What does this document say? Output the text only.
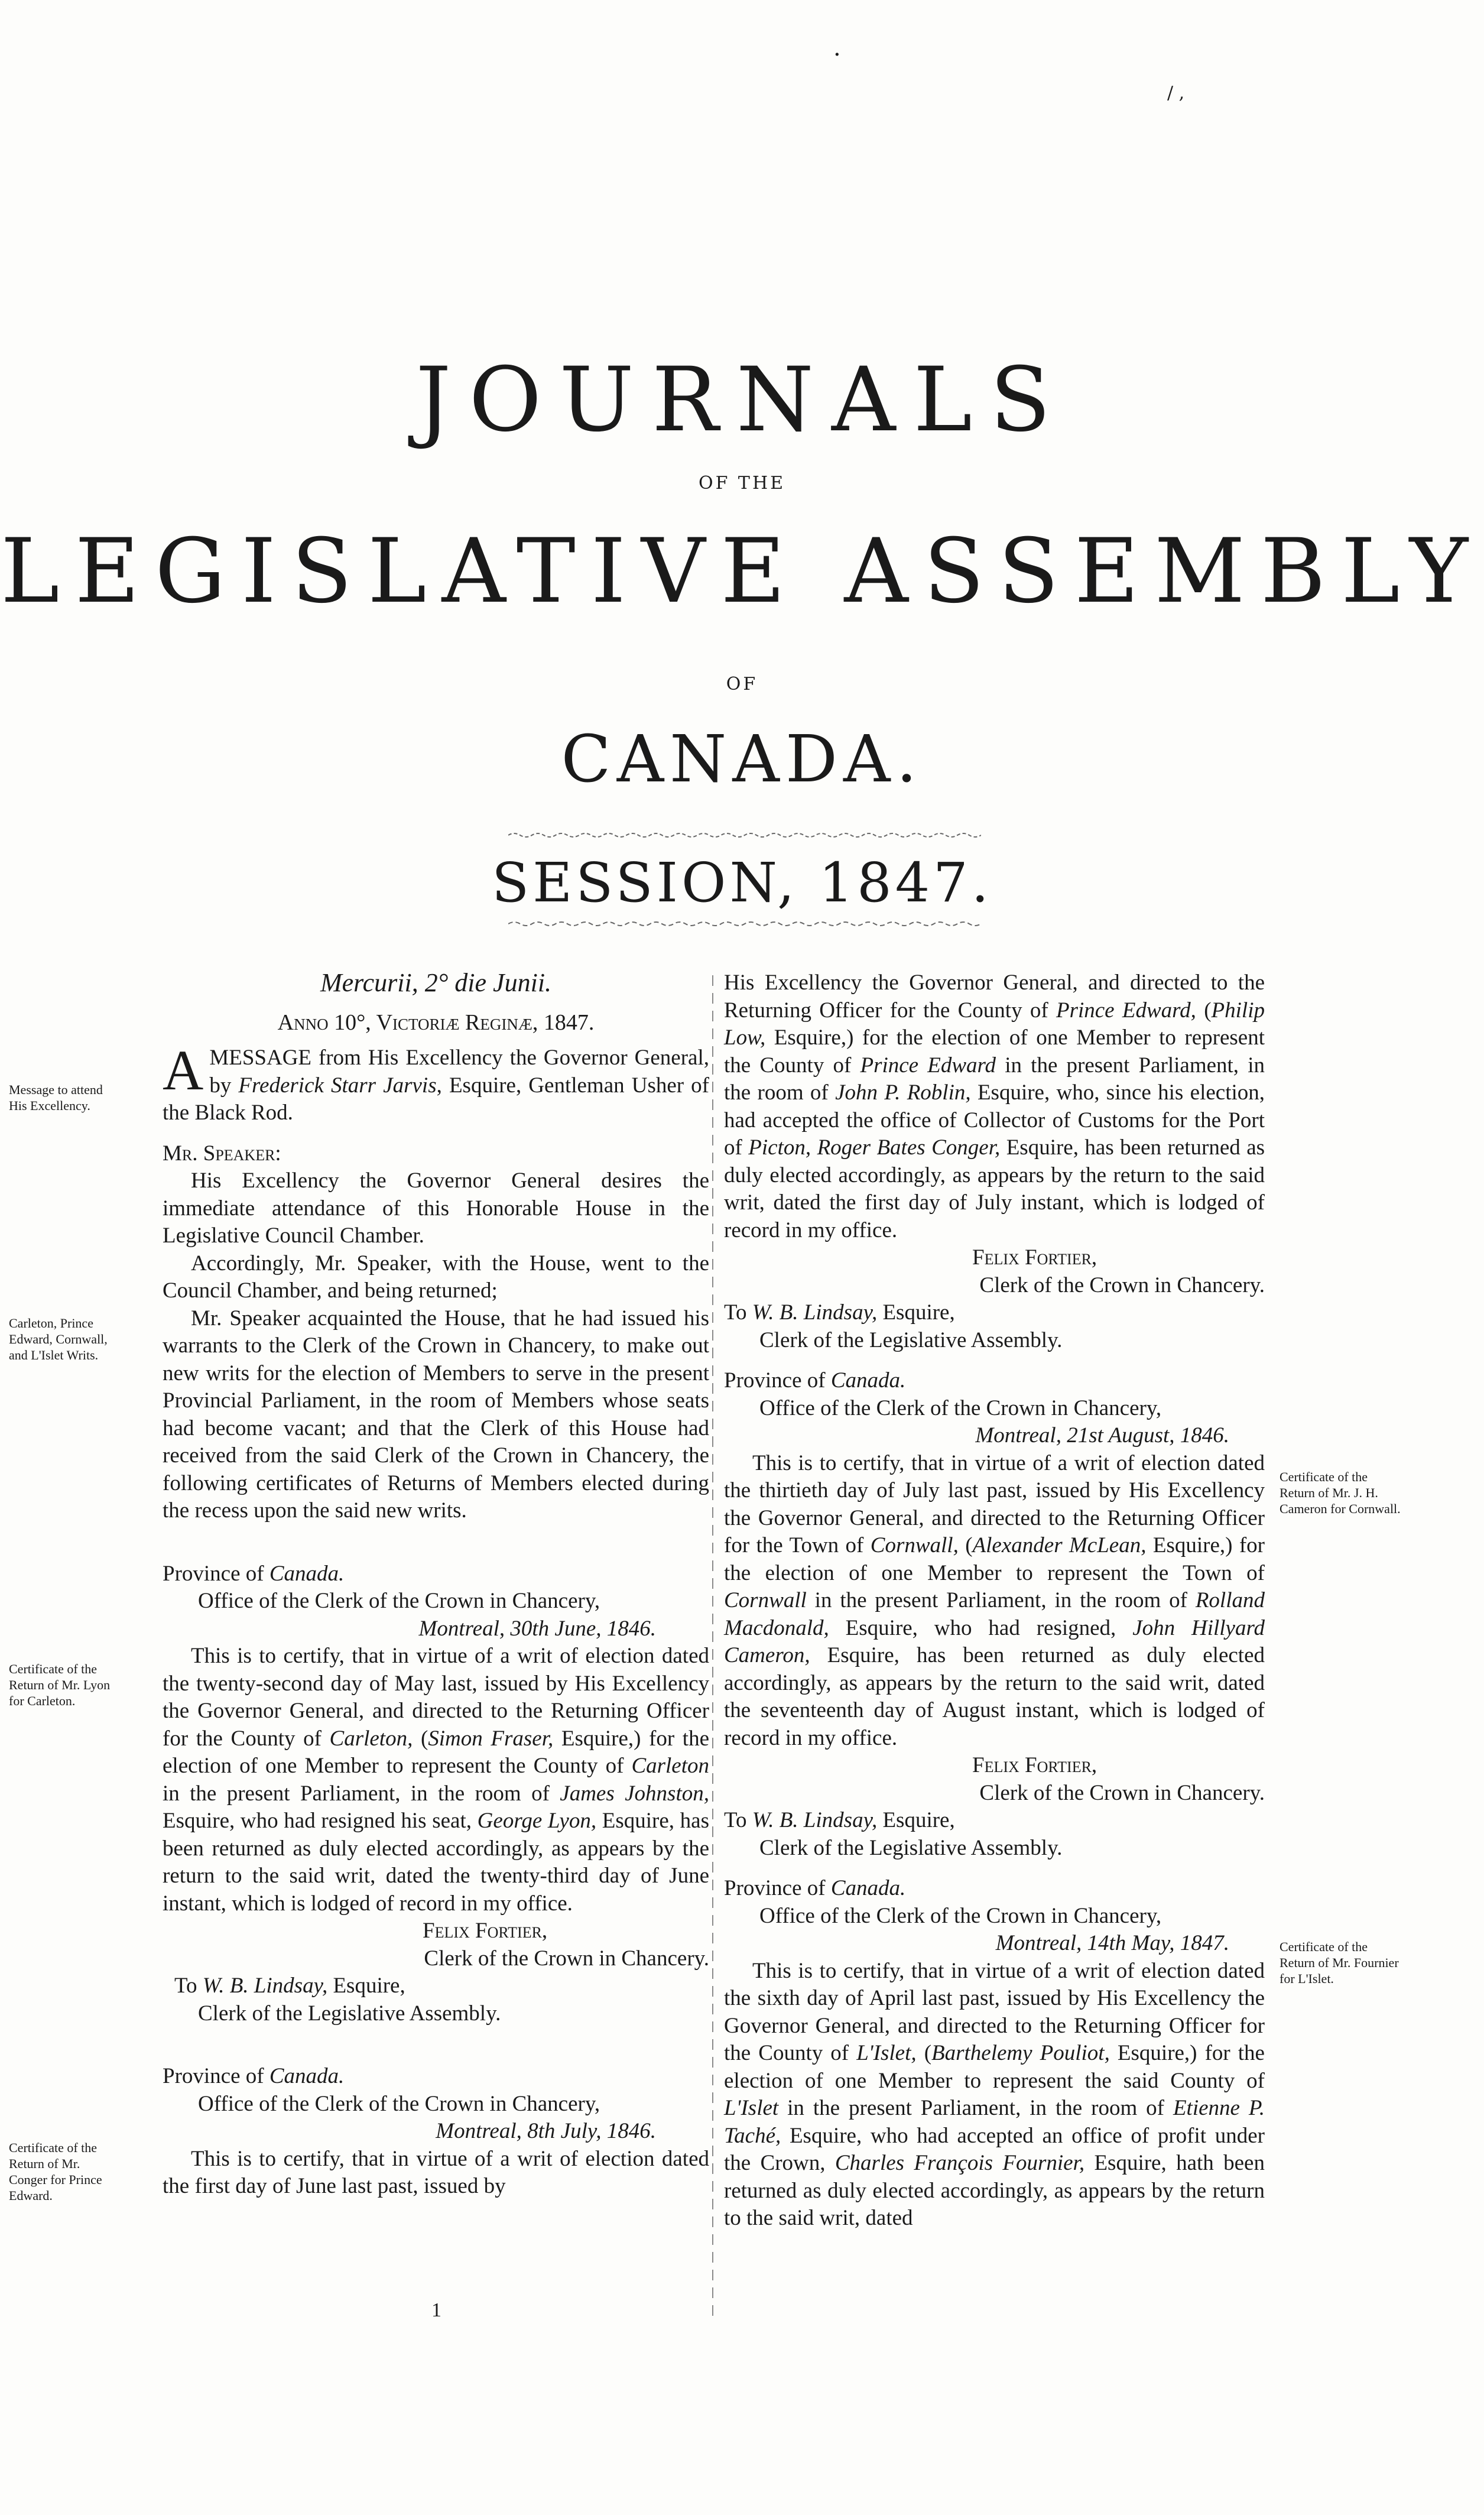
·
/ ,
JOURNALS
OF THE
LEGISLATIVE ASSEMBLY
OF
CANADA.
SESSION, 1847.
Message to attend His Excellency.
Carleton, Prince Edward, Cornwall, and L'Islet Writs.
Certificate of the Return of Mr. Lyon for Carleton.
Certificate of the Return of Mr. Conger for Prince Edward.
Certificate of the Return of Mr. J. H. Cameron for Cornwall.
Certificate of the Return of Mr. Fournier for L'Islet.

Mercurii, 2° die Junii.

Anno 10°, Victoriæ Reginæ, 1847.

A MESSAGE from His Excellency the Governor General, by Frederick Starr Jarvis, Esquire, Gentleman Usher of the Black Rod.

Mr. Speaker:

His Excellency the Governor General desires the immediate attendance of this Honorable House in the Legislative Council Chamber.

Accordingly, Mr. Speaker, with the House, went to the Council Chamber, and being returned;

Mr. Speaker acquainted the House, that he had issued his warrants to the Clerk of the Crown in Chancery, to make out new writs for the election of Members to serve in the present Provincial Parliament, in the room of Members whose seats had become vacant; and that the Clerk of this House had received from the said Clerk of the Crown in Chancery, the following certificates of Returns of Members elected during the recess upon the said new writs.

Province of Canada.

Office of the Clerk of the Crown in Chancery,

Montreal, 30th June, 1846.

This is to certify, that in virtue of a writ of election dated the twenty-second day of May last, issued by His Excellency the Governor General, and directed to the Returning Officer for the County of Carleton, (Simon Fraser, Esquire,) for the election of one Member to represent the County of Carleton in the present Parliament, in the room of James Johnston, Esquire, who had resigned his seat, George Lyon, Esquire, has been returned as duly elected accordingly, as appears by the return to the said writ, dated the twenty-third day of June instant, which is lodged of record in my office.

Felix Fortier,

Clerk of the Crown in Chancery.

To W. B. Lindsay, Esquire,

Clerk of the Legislative Assembly.

Province of Canada.

Office of the Clerk of the Crown in Chancery,

Montreal, 8th July, 1846.

This is to certify, that in virtue of a writ of election dated the first day of June last past, issued by

1

His Excellency the Governor General, and directed to the Returning Officer for the County of Prince Edward, (Philip Low, Esquire,) for the election of one Member to represent the County of Prince Edward in the present Parliament, in the room of John P. Roblin, Esquire, who, since his election, had accepted the office of Collector of Customs for the Port of Picton, Roger Bates Conger, Esquire, has been returned as duly elected accordingly, as appears by the return to the said writ, dated the first day of July instant, which is lodged of record in my office.

Felix Fortier,

Clerk of the Crown in Chancery.

To W. B. Lindsay, Esquire,

Clerk of the Legislative Assembly.

Province of Canada.

Office of the Clerk of the Crown in Chancery,

Montreal, 21st August, 1846.

This is to certify, that in virtue of a writ of election dated the thirtieth day of July last past, issued by His Excellency the Governor General, and directed to the Returning Officer for the Town of Cornwall, (Alexander McLean, Esquire,) for the election of one Member to represent the Town of Cornwall in the present Parliament, in the room of Rolland Macdonald, Esquire, who had resigned, John Hillyard Cameron, Esquire, has been returned as duly elected accordingly, as appears by the return to the said writ, dated the seventeenth day of August instant, which is lodged of record in my office.

Felix Fortier,

Clerk of the Crown in Chancery.

To W. B. Lindsay, Esquire,

Clerk of the Legislative Assembly.

Province of Canada.

Office of the Clerk of the Crown in Chancery,

Montreal, 14th May, 1847.

This is to certify, that in virtue of a writ of election dated the sixth day of April last past, issued by His Excellency the Governor General, and directed to the Returning Officer for the County of L'Islet, (Barthelemy Pouliot, Esquire,) for the election of one Member to represent the said County of L'Islet in the present Parliament, in the room of Etienne P. Taché, Esquire, who had accepted an office of profit under the Crown, Charles François Fournier, Esquire, hath been returned as duly elected accordingly, as appears by the return to the said writ, dated
